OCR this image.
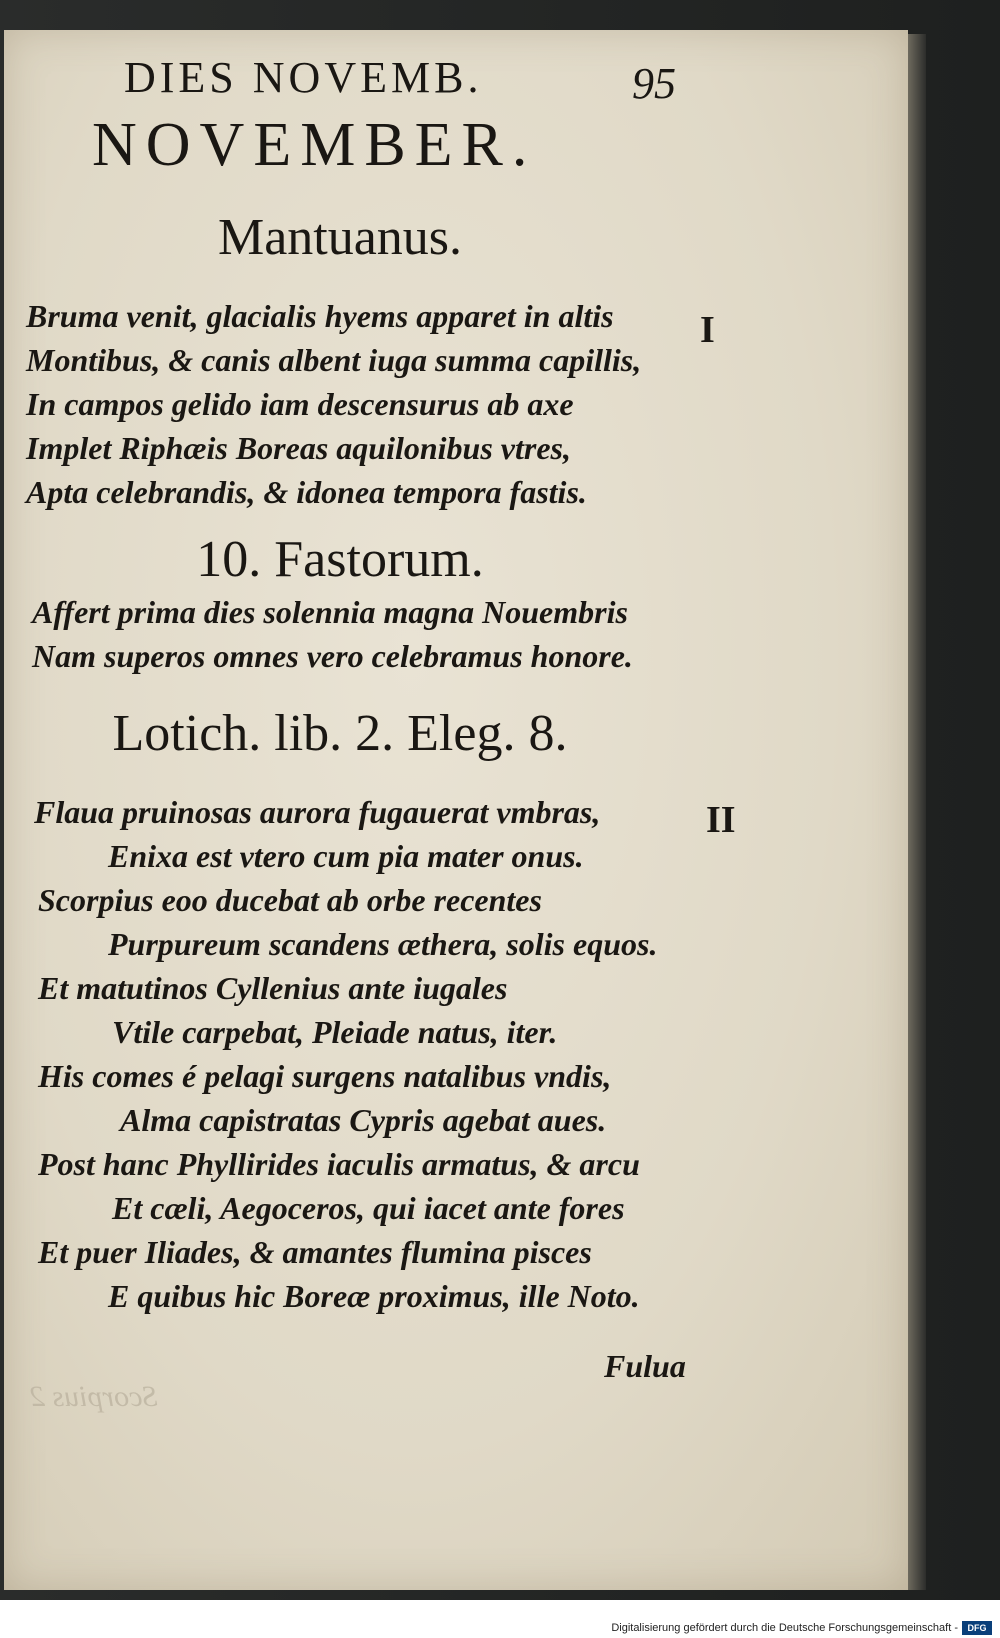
Scorpius 2
DIES NOVEMB.	95
NOVEMBER.
Mantuanus.
I
Bruma venit, glacialis hyems apparet in altis
Montibus, & canis albent iuga summa capillis,
In campos gelido iam descensurus ab axe
Implet Riphæis Boreas aquilonibus vtres,
Apta celebrandis, & idonea tempora fastis.
10. Fastorum.
Affert prima dies solennia magna Nouembris
Nam superos omnes vero celebramus honore.
Lotich. lib. 2. Eleg. 8.
II
Flaua pruinosas aurora fugauerat vmbras,
Enixa est vtero cum pia mater onus.
Scorpius eoo ducebat ab orbe recentes
Purpureum scandens æthera, solis equos.
Et matutinos Cyllenius ante iugales
Vtile carpebat, Pleiade natus, iter.
His comes é pelagi surgens natalibus vndis,
Alma capistratas Cypris agebat aues.
Post hanc Phyllirides iaculis armatus, & arcu
Et cæli, Aegoceros, qui iacet ante fores
Et puer Iliades, & amantes flumina pisces
E quibus hic Boreæ proximus, ille Noto.
Fulua
Digitalisierung gefördert durch die Deutsche Forschungsgemeinschaft -	DFG
